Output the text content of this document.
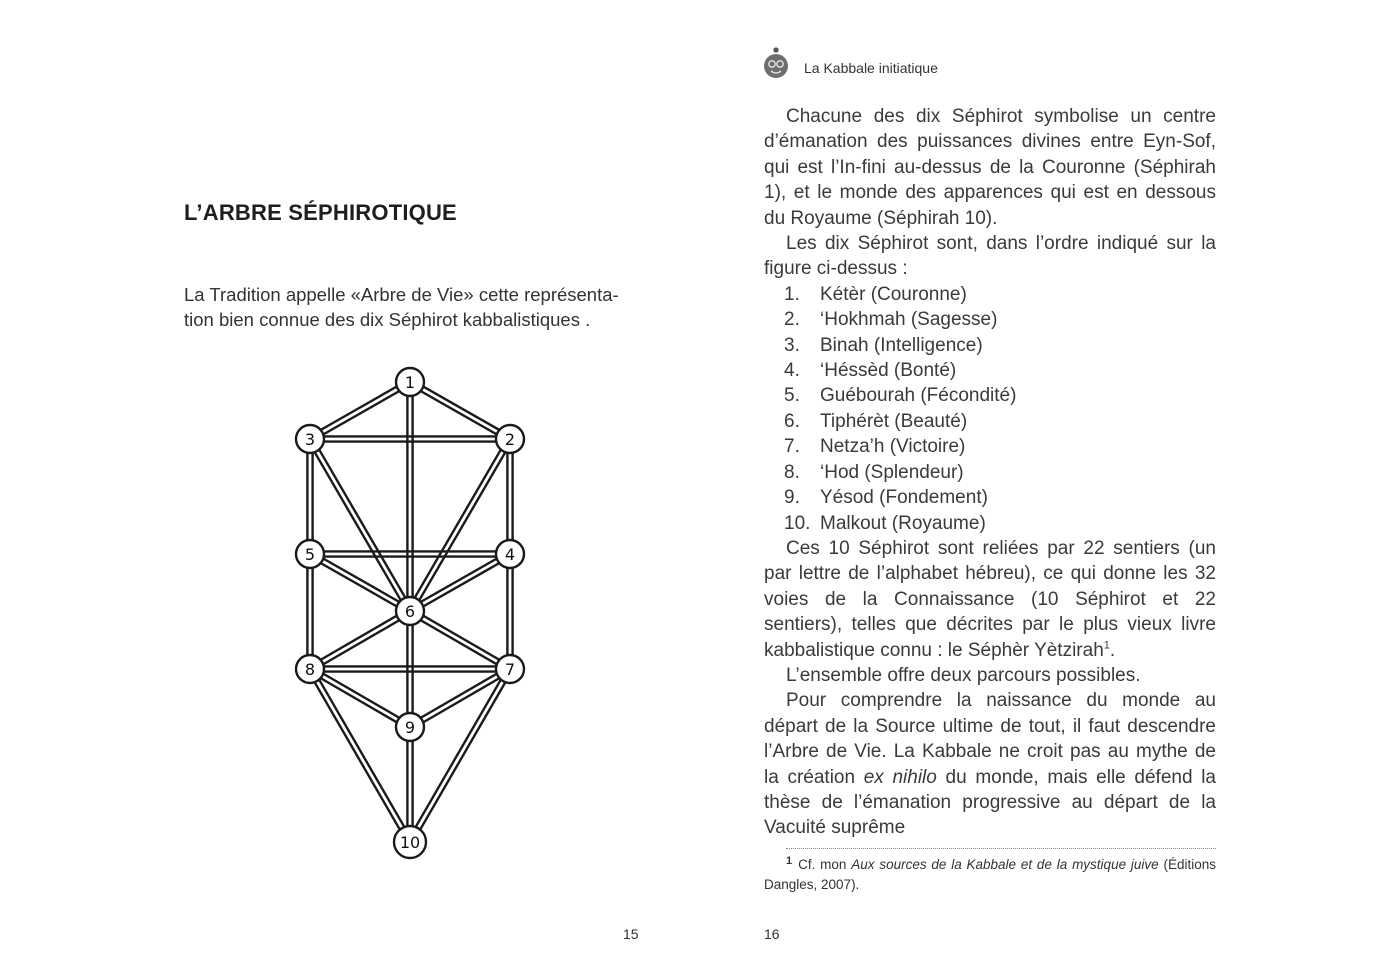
L’ARBRE SÉPHIROTIQUE

La Tradition appelle «Arbre de Vie» cette représenta-

tion bien connue des dix Séphirot kabbalistiques .

1
2
3
4
5
6
7
8
9
10
15
La Kabbale initiatique

Chacune des dix Séphirot symbolise un centre d’émanation des puissances divines entre Eyn-Sof, qui est l’In-fini au-dessus de la Couronne (Séphirah 1), et le monde des apparences qui est en dessous du Royaume (Séphirah 10).

Les dix Séphirot sont, dans l’ordre indiqué sur la figure ci-dessus :

1. Kétèr (Couronne)
2. ‘Hokhmah (Sagesse)
3. Binah (Intelligence)
4. ‘Héssèd (Bonté)
5. Guébourah (Fécondité)
6. Tiphérèt (Beauté)
7. Netza’h (Victoire)
8. ‘Hod (Splendeur)
9. Yésod (Fondement)
10. Malkout (Royaume)

Ces 10 Séphirot sont reliées par 22 sentiers (un par lettre de l’alphabet hébreu), ce qui donne les 32 voies de la Connaissance (10 Séphirot et 22 sentiers), telles que décrites par le plus vieux livre kabbalistique connu : le Séphèr Yètzirah$^1$.

L’ensemble offre deux parcours possibles.

Pour comprendre la naissance du monde au départ de la Source ultime de tout, il faut descendre l’Arbre de Vie. La Kabbale ne croit pas au mythe de la création ex nihilo du monde, mais elle défend la thèse de l’émanation progressive au départ de la Vacuité suprême

$^1$ Cf. mon Aux sources de la Kabbale et de la mystique juive (Éditions Dangles, 2007).
16
